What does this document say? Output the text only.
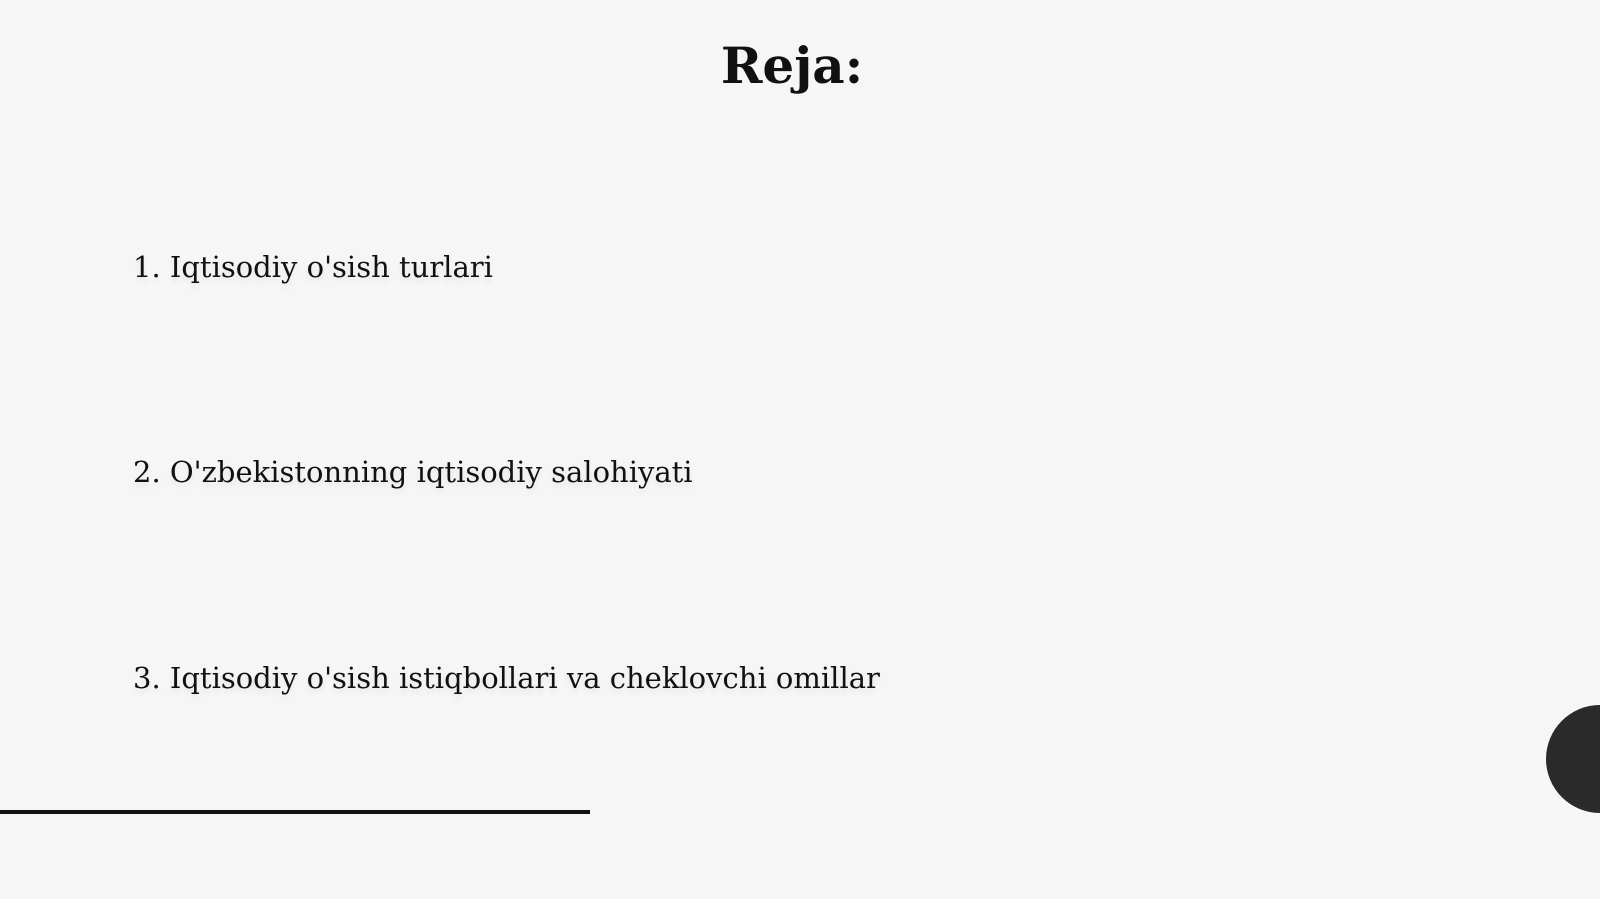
Reja:
1. Iqtisodiy o'sish turlari
2. O'zbekistonning iqtisodiy salohiyati
3. Iqtisodiy o'sish istiqbollari va cheklovchi omillar
